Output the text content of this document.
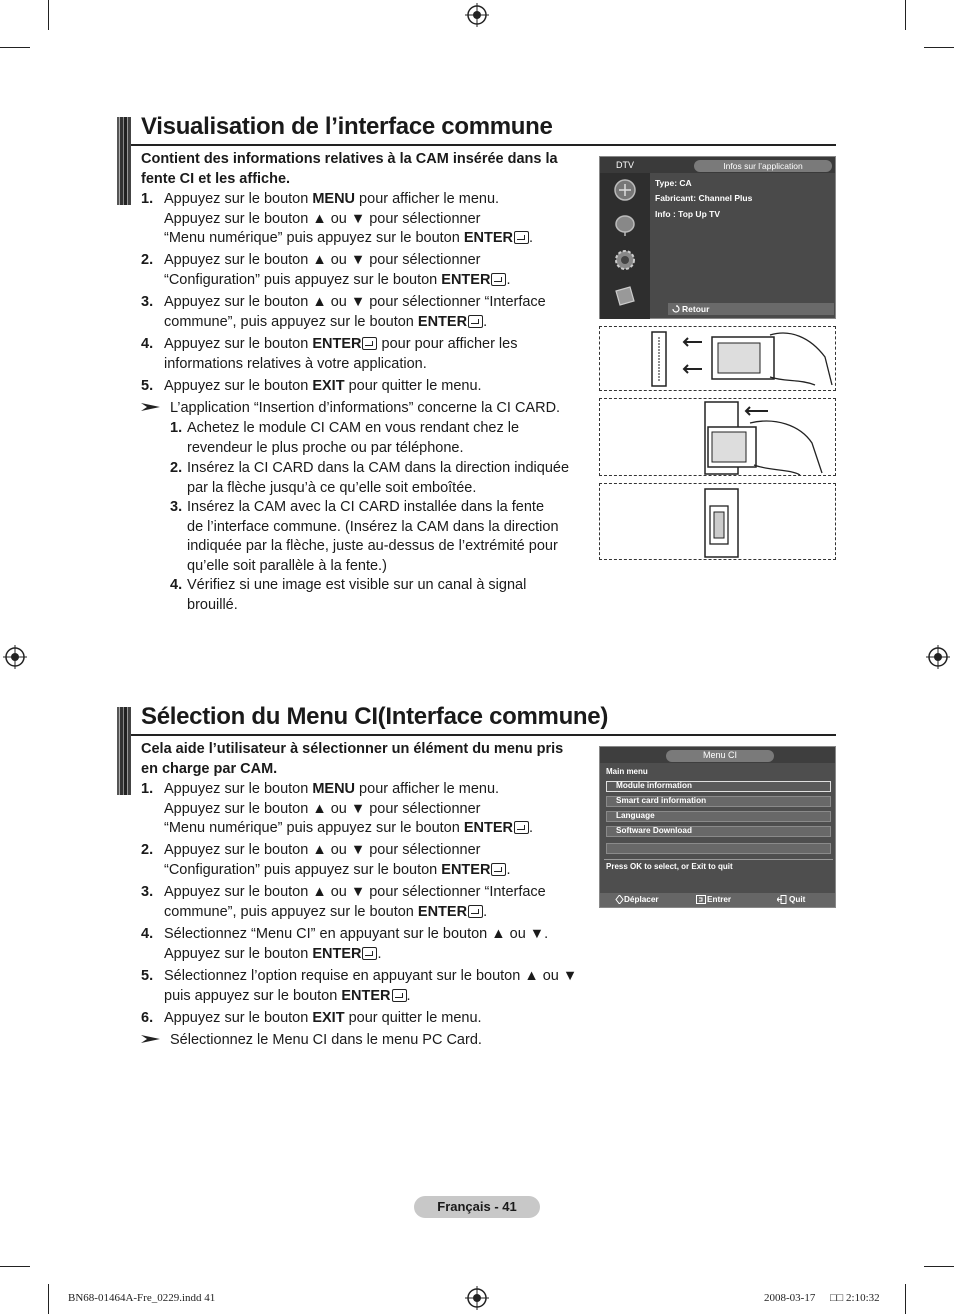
Visualisation de l’interface commune
Contient des informations relatives à la CAM insérée dans la
fente CI et les affiche.
1. Appuyez sur le bouton MENU pour afficher le menu.
Appuyez sur le bouton ▲ ou ▼ pour sélectionner
“Menu numérique” puis appuyez sur le bouton ENTER .
2. Appuyez sur le bouton ▲ ou ▼ pour sélectionner
“Configuration” puis appuyez sur le bouton ENTER .
3. Appuyez sur le bouton ▲ ou ▼ pour sélectionner “Interface
commune”, puis appuyez sur le bouton ENTER .
4. Appuyez sur le bouton ENTER pour pour afficher les
informations relatives à votre application.
5. Appuyez sur le bouton EXIT pour quitter le menu.
L’application “Insertion d’informations” concerne la CI CARD.
1. Achetez le module CI CAM en vous rendant chez le
revendeur le plus proche ou par téléphone.
2. Insérez la CI CARD dans la CAM dans la direction indiquée
par la flèche jusqu’à ce qu’elle soit emboîtée.
3. Insérez la CAM avec la CI CARD installée dans la fente
de l’interface commune. (Insérez la CAM dans la direction
indiquée par la flèche, juste au-dessus de l’extrémité pour
qu’elle soit parallèle à la fente.)
4. Vérifiez si une image est visible sur un canal à signal
brouillé.
DTV	Infos sur l’application
Type: CA
Fabricant: Channel Plus
Info : Top Up TV
Retour
Sélection du Menu CI(Interface commune)
Cela aide l’utilisateur à sélectionner un élément du menu pris
en charge par CAM.
1. Appuyez sur le bouton MENU pour afficher le menu.
Appuyez sur le bouton ▲ ou ▼ pour sélectionner
“Menu numérique” puis appuyez sur le bouton ENTER .
2. Appuyez sur le bouton ▲ ou ▼ pour sélectionner
“Configuration” puis appuyez sur le bouton ENTER .
3. Appuyez sur le bouton ▲ ou ▼ pour sélectionner “Interface
commune”, puis appuyez sur le bouton ENTER .
4. Sélectionnez “Menu CI” en appuyant sur le bouton ▲ ou ▼.
Appuyez sur le bouton ENTER .
5. Sélectionnez l’option requise en appuyant sur le bouton ▲ ou ▼
puis appuyez sur le bouton ENTER .
6. Appuyez sur le bouton EXIT pour quitter le menu.
Sélectionnez le Menu CI dans le menu PC Card.
Menu CI
Main menu
Module information
Smart card information
Language
Software Download
Press OK to select, or Exit to quit
Déplacer	Entrer	Quit
Français - 41
BN68-01464A-Fre_0229.indd 41	2008-03-17 □□ 2:10:32
